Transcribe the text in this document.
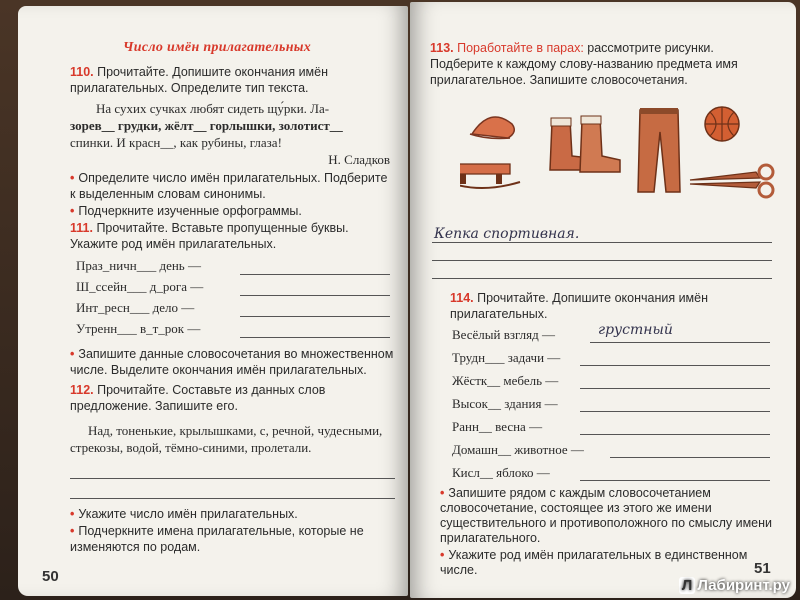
Число имён прилагательных
110. Прочитайте. Допишите окончания имён прилагательных. Определите тип текста.
На сухих сучках любят сидеть щу́рки. Ла-
зорев__ грудки, жёлт__ горлышки, золотист__
спинки. И красн__, как рубины, глаза!
Н. Сладков
• Определите число имён прилагательных. Подберите к выделенным словам синонимы.
• Подчеркните изученные орфограммы.
111. Прочитайте. Вставьте пропущенные буквы. Укажите род имён прилагательных.
Праз_ничн___ день —
Ш_ссейн___ д_рога —
Инт_ресн___ дело —
Утренн___ в_т_рок —
• Запишите данные словосочетания во множественном числе. Выделите окончания имён прилагательных.
112. Прочитайте. Составьте из данных слов предложение. Запишите его.
Над, тоненькие, крылышками, с, речной, чудесными, стрекозы, водой, тёмно-синими, пролетали.
• Укажите число имён прилагательных.
• Подчеркните имена прилагательные, которые не изменяются по родам.
50
113. Поработайте в парах: рассмотрите рисунки. Подберите к каждому слову-названию предмета имя прилагательное. Запишите словосочетания.
Кепка спортивная.
114. Прочитайте. Допишите окончания имён прилагательных.
Весёлый взгляд —	грустный
Трудн___ задачи —
Жёстк__ мебель —
Высок__ здания —
Ранн__ весна —
Домашн__ животное —
Кисл__ яблоко —
• Запишите рядом с каждым словосочетанием словосочетание, состоящее из этого же имени существительного и противоположного по смыслу имени прилагательного.
• Укажите род имён прилагательных в единственном числе.	51
Л Лабиринт.ру
